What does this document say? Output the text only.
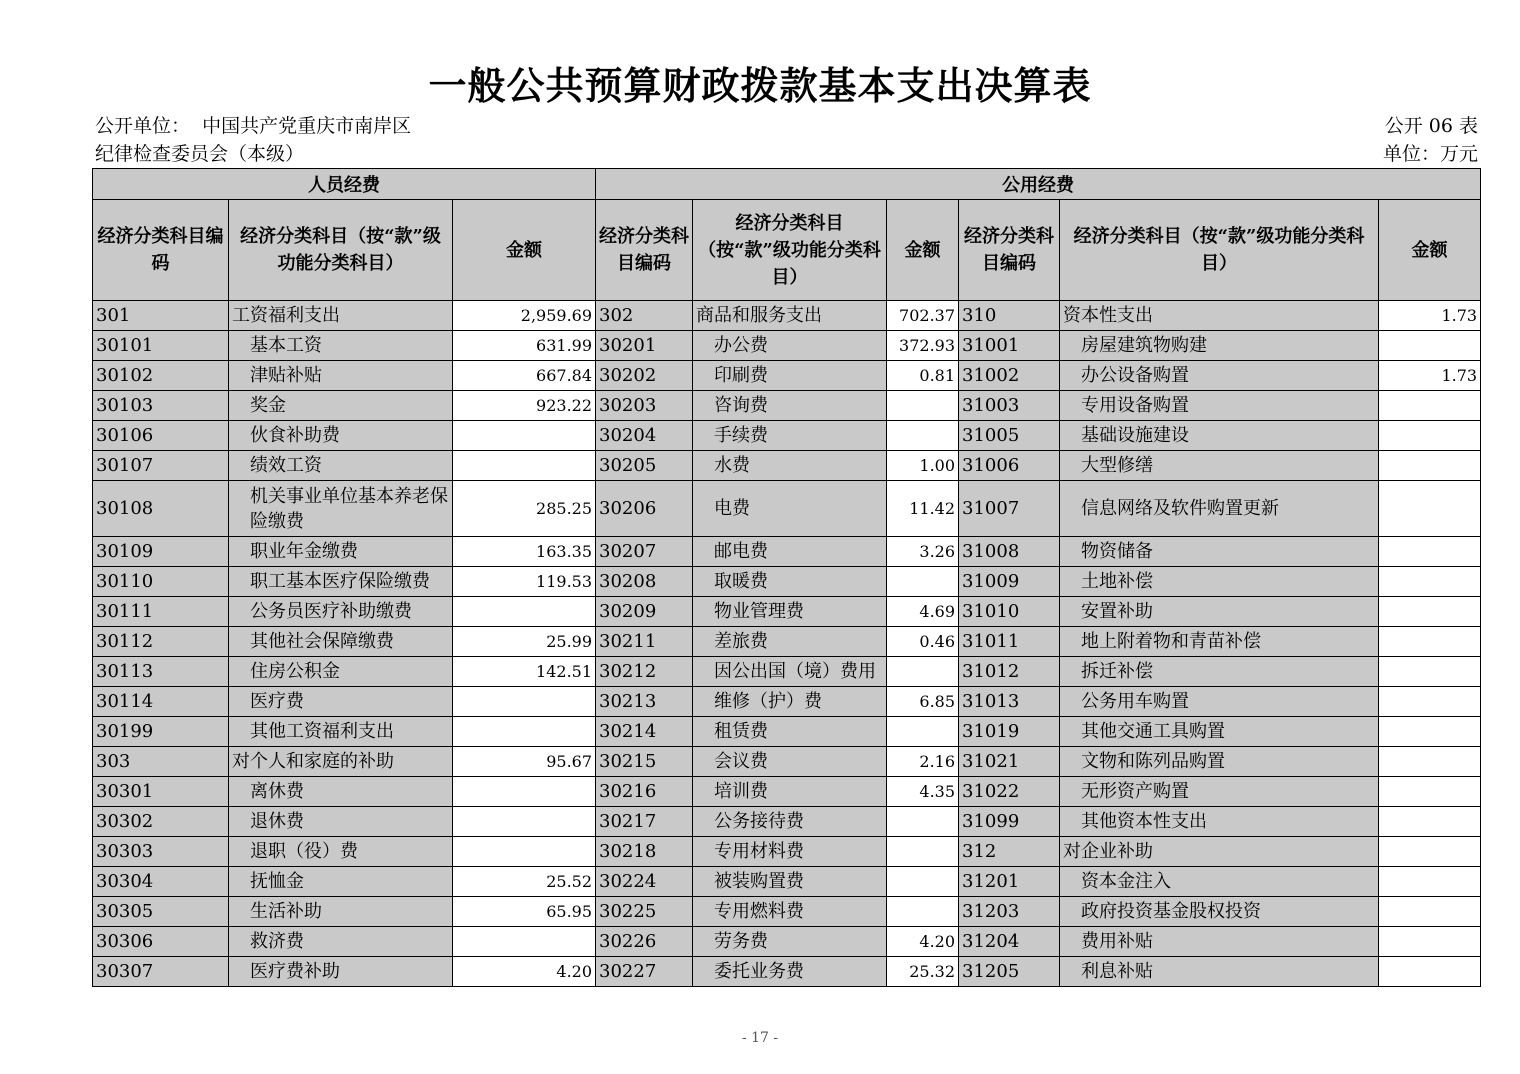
一般公共预算财政拨款基本支出决算表
公开单位： 中国共产党重庆市南岸区
纪律检查委员会（本级）
公开 06 表
单位：万元
人员经费			公用经费					
经济分类科目编码	经济分类科目（按“款”级功能分类科目）	金额	经济分类科目编码	经济分类科目（按“款”级功能分类科目）	金额	经济分类科目编码	经济分类科目（按“款”级功能分类科目）	金额
301	工资福利支出	2,959.69	302	商品和服务支出	702.37	310	资本性支出	1.73
30101	基本工资	631.99	30201	办公费	372.93	31001	房屋建筑物购建	
30102	津贴补贴	667.84	30202	印刷费	0.81	31002	办公设备购置	1.73
30103	奖金	923.22	30203	咨询费		31003	专用设备购置	
30106	伙食补助费		30204	手续费		31005	基础设施建设	
30107	绩效工资		30205	水费	1.00	31006	大型修缮	
30108	机关事业单位基本养老保险缴费	285.25	30206	电费	11.42	31007	信息网络及软件购置更新	
30109	职业年金缴费	163.35	30207	邮电费	3.26	31008	物资储备	
30110	职工基本医疗保险缴费	119.53	30208	取暖费		31009	土地补偿	
30111	公务员医疗补助缴费		30209	物业管理费	4.69	31010	安置补助	
30112	其他社会保障缴费	25.99	30211	差旅费	0.46	31011	地上附着物和青苗补偿	
30113	住房公积金	142.51	30212	因公出国（境）费用		31012	拆迁补偿	
30114	医疗费		30213	维修（护）费	6.85	31013	公务用车购置	
30199	其他工资福利支出		30214	租赁费		31019	其他交通工具购置	
303	对个人和家庭的补助	95.67	30215	会议费	2.16	31021	文物和陈列品购置	
30301	离休费		30216	培训费	4.35	31022	无形资产购置	
30302	退休费		30217	公务接待费		31099	其他资本性支出	
30303	退职（役）费		30218	专用材料费		312	对企业补助	
30304	抚恤金	25.52	30224	被装购置费		31201	资本金注入	
30305	生活补助	65.95	30225	专用燃料费		31203	政府投资基金股权投资	
30306	救济费		30226	劳务费	4.20	31204	费用补贴	
30307	医疗费补助	4.20	30227	委托业务费	25.32	31205	利息补贴	
- 17 -
